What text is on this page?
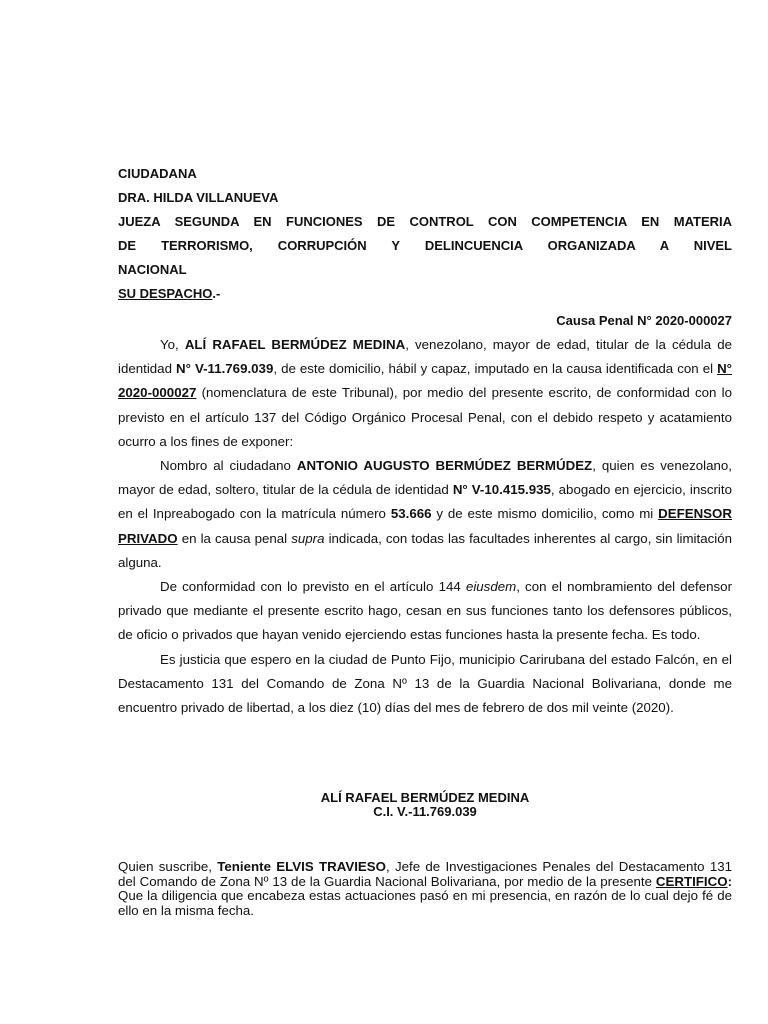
CIUDADANA
DRA. HILDA VILLANUEVA
JUEZA SEGUNDA EN FUNCIONES DE CONTROL CON COMPETENCIA EN MATERIA
DE TERRORISMO, CORRUPCIÓN Y DELINCUENCIA ORGANIZADA A NIVEL
NACIONAL
SU DESPACHO.-
Causa Penal N° 2020-000027

Yo, ALÍ RAFAEL BERMÚDEZ MEDINA, venezolano, mayor de edad, titular de la cédula de identidad N° V-11.769.039, de este domicilio, hábil y capaz, imputado en la causa identificada con el N° 2020-000027 (nomenclatura de este Tribunal), por medio del presente escrito, de conformidad con lo previsto en el artículo 137 del Código Orgánico Procesal Penal, con el debido respeto y acatamiento ocurro a los fines de exponer:

Nombro al ciudadano ANTONIO AUGUSTO BERMÚDEZ BERMÚDEZ, quien es venezolano, mayor de edad, soltero, titular de la cédula de identidad N° V-10.415.935, abogado en ejercicio, inscrito en el Inpreabogado con la matrícula número 53.666 y de este mismo domicilio, como mi DEFENSOR PRIVADO en la causa penal supra indicada, con todas las facultades inherentes al cargo, sin limitación alguna.

De conformidad con lo previsto en el artículo 144 eiusdem, con el nombramiento del defensor privado que mediante el presente escrito hago, cesan en sus funciones tanto los defensores públicos, de oficio o privados que hayan venido ejerciendo estas funciones hasta la presente fecha. Es todo.

Es justicia que espero en la ciudad de Punto Fijo, municipio Carirubana del estado Falcón, en el Destacamento 131 del Comando de Zona Nº 13 de la Guardia Nacional Bolivariana, donde me encuentro privado de libertad, a los diez (10) días del mes de febrero de dos mil veinte (2020).

ALÍ RAFAEL BERMÚDEZ MEDINA
C.I. V.-11.769.039

Quien suscribe, Teniente ELVIS TRAVIESO, Jefe de Investigaciones Penales del Destacamento 131 del Comando de Zona Nº 13 de la Guardia Nacional Bolivariana, por medio de la presente CERTIFICO: Que la diligencia que encabeza estas actuaciones pasó en mi presencia, en razón de lo cual dejo fé de ello en la misma fecha.
